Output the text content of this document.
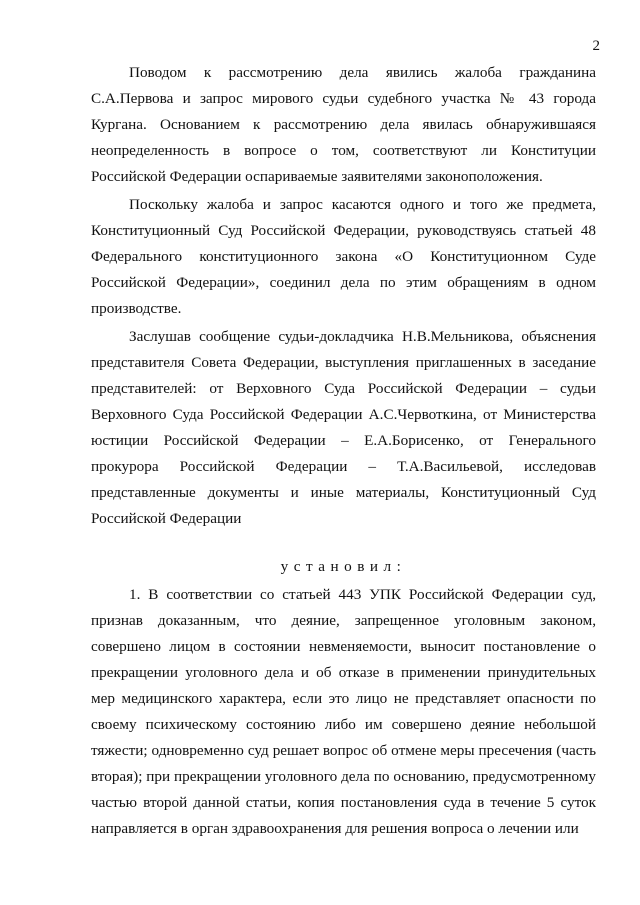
2

Поводом к рассмотрению дела явились жалоба гражданина С.А.Первова и запрос мирового судьи судебного участка № 43 города Кургана. Основанием к рассмотрению дела явилась обнаружившаяся неопределенность в вопросе о том, соответствуют ли Конституции Российской Федерации оспариваемые заявителями законоположения.

Поскольку жалоба и запрос касаются одного и того же предмета, Конституционный Суд Российской Федерации, руководствуясь статьей 48 Федерального конституционного закона «О Конституционном Суде Российской Федерации», соединил дела по этим обращениям в одном производстве.

Заслушав сообщение судьи-докладчика Н.В.Мельникова, объяснения представителя Совета Федерации, выступления приглашенных в заседание представителей: от Верховного Суда Российской Федерации – судьи Верховного Суда Российской Федерации А.С.Червоткина, от Министерства юстиции Российской Федерации – Е.А.Борисенко, от Генерального прокурора Российской Федерации – Т.А.Васильевой, исследовав представленные документы и иные материалы, Конституционный Суд Российской Федерации

установил:

1. В соответствии со статьей 443 УПК Российской Федерации суд, признав доказанным, что деяние, запрещенное уголовным законом, совершено лицом в состоянии невменяемости, выносит постановление о прекращении уголовного дела и об отказе в применении принудительных мер медицинского характера, если это лицо не представляет опасности по своему психическому состоянию либо им совершено деяние небольшой тяжести; одновременно суд решает вопрос об отмене меры пресечения (часть вторая); при прекращении уголовного дела по основанию, предусмотренному частью второй данной статьи, копия постановления суда в течение 5 суток направляется в орган здравоохранения для решения вопроса о лечении или
